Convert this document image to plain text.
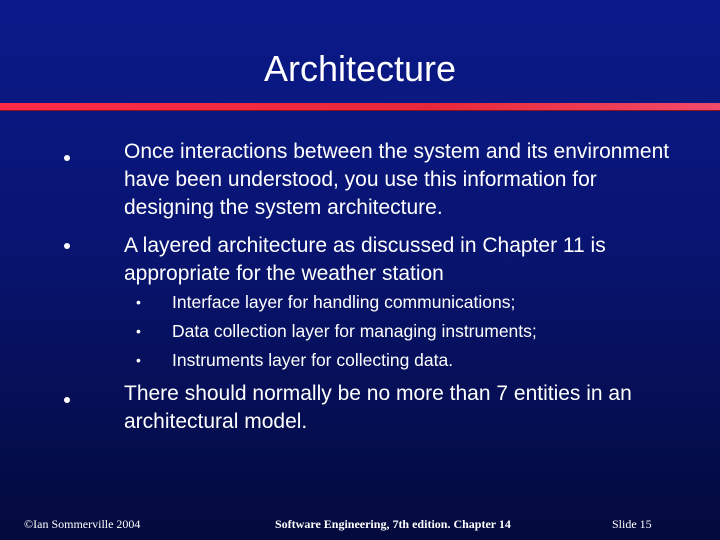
Architecture
Once interactions between the system and its environment have been understood, you use this information for designing the system architecture.
A layered architecture as discussed in Chapter 11 is appropriate for the weather station
• Interface layer for handling communications;
• Data collection layer for managing instruments;
• Instruments layer for collecting data.
There should normally be no more than 7 entities in an architectural model.
©Ian Sommerville 2004	Software Engineering, 7th edition. Chapter 14	Slide 15
